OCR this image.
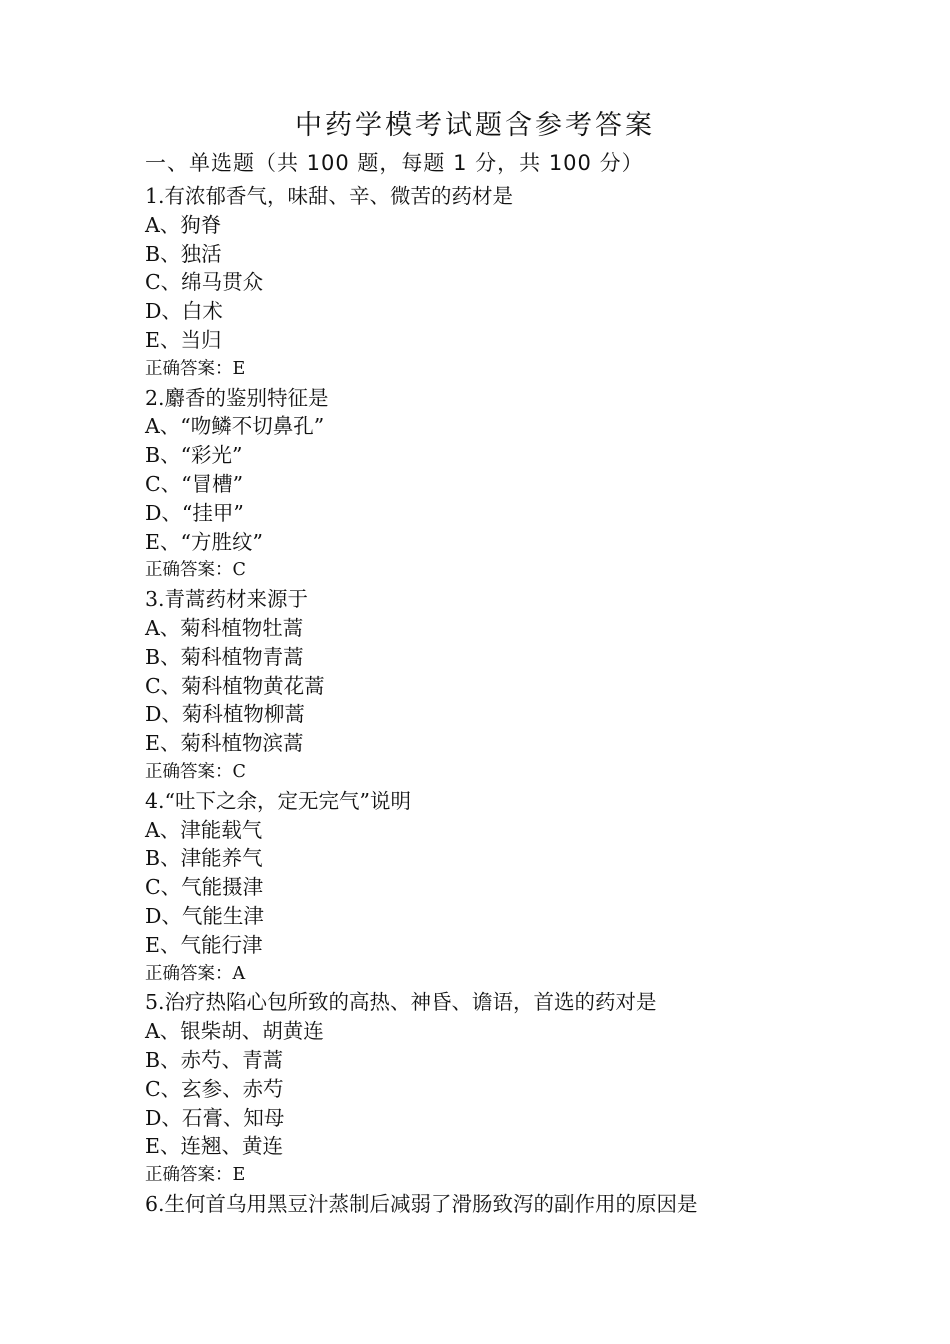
中药学模考试题含参考答案
一、单选题（共 100 题，每题 1 分，共 100 分）
1.有浓郁香气，味甜、辛、微苦的药材是
A、狗脊
B、独活
C、绵马贯众
D、白术
E、当归
正确答案：E
2.麝香的鉴别特征是
A、“吻鳞不切鼻孔”
B、“彩光”
C、“冒槽”
D、“挂甲”
E、“方胜纹”
正确答案：C
3.青蒿药材来源于
A、菊科植物牡蒿
B、菊科植物青蒿
C、菊科植物黄花蒿
D、菊科植物柳蒿
E、菊科植物滨蒿
正确答案：C
4.“吐下之余，定无完气”说明
A、津能载气
B、津能养气
C、气能摄津
D、气能生津
E、气能行津
正确答案：A
5.治疗热陷心包所致的高热、神昏、谵语，首选的药对是
A、银柴胡、胡黄连
B、赤芍、青蒿
C、玄参、赤芍
D、石膏、知母
E、连翘、黄连
正确答案：E
6.生何首乌用黑豆汁蒸制后减弱了滑肠致泻的副作用的原因是
